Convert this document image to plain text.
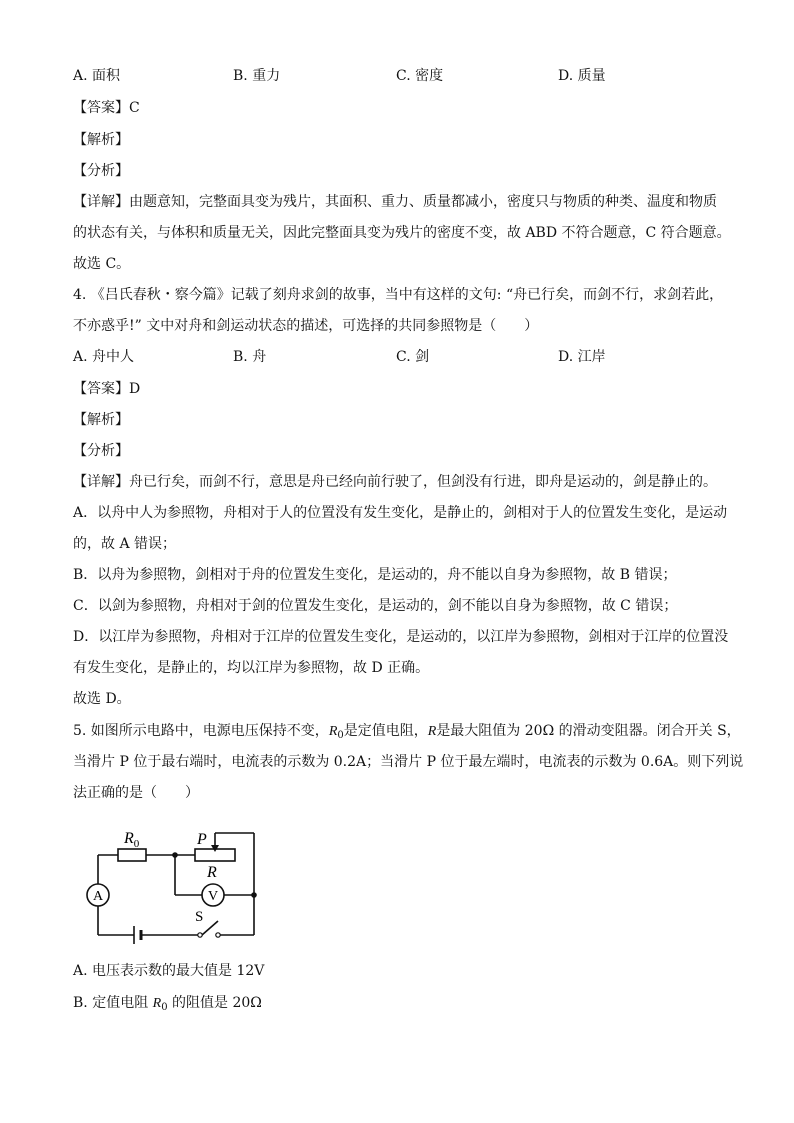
A. 面积	B. 重力	C. 密度	D. 质量
【答案】C
【解析】
【分析】
【详解】由题意知，完整面具变为残片，其面积、重力、质量都减小，密度只与物质的种类、温度和物质
的状态有关，与体积和质量无关，因此完整面具变为残片的密度不变，故 ABD 不符合题意，C 符合题意。
故选 C。
4. 《吕氏春秋・察今篇》记载了刻舟求剑的故事，当中有这样的文句: “舟已行矣，而剑不行，求剑若此，
不亦惑乎!” 文中对舟和剑运动状态的描述，可选择的共同参照物是（　　）
A. 舟中人	B. 舟	C. 剑	D. 江岸
【答案】D
【解析】
【分析】
【详解】舟已行矣，而剑不行，意思是舟已经向前行驶了，但剑没有行进，即舟是运动的，剑是静止的。
A．以舟中人为参照物，舟相对于人的位置没有发生变化，是静止的，剑相对于人的位置发生变化，是运动
的，故 A 错误；
B．以舟为参照物，剑相对于舟的位置发生变化，是运动的，舟不能以自身为参照物，故 B 错误；
C．以剑为参照物，舟相对于剑的位置发生变化，是运动的，剑不能以自身为参照物，故 C 错误；
D．以江岸为参照物，舟相对于江岸的位置发生变化，是运动的，以江岸为参照物，剑相对于江岸的位置没
有发生变化，是静止的，均以江岸为参照物，故 D 正确。
故选 D。
5. 如图所示电路中，电源电压保持不变，$R_0$是定值电阻，R是最大阻值为 20Ω 的滑动变阻器。闭合开关 S，
当滑片 P 位于最右端时，电流表的示数为 0.2A；当滑片 P 位于最左端时，电流表的示数为 0.6A。则下列说
法正确的是（　　）
$R_0$	P
R
V
A
S
A. 电压表示数的最大值是 12V
B. 定值电阻 $R_0$ 的阻值是 20Ω
